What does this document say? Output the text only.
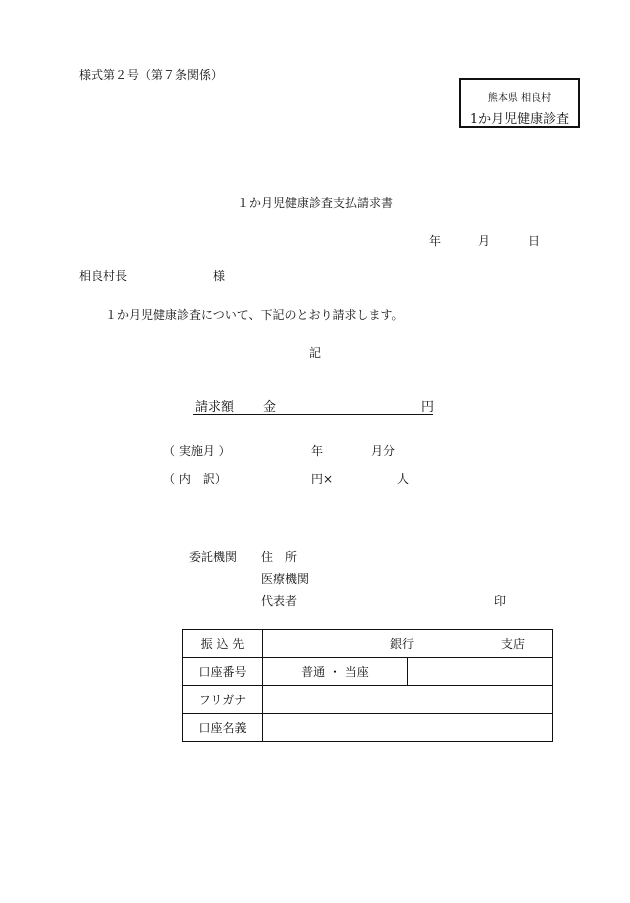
様式第２号（第７条関係）
熊本県 相良村
1か月児健康診査
１か月児健康診査支払請求書
年	月	日
相良村長	様
１か月児健康診査について、下記のとおり請求します。
記
請求額 金	円
（ 実施月 ）	年	月分
（ 内　訳）	円×	人
委託機関 住　所
医療機関
代表者	印
振 込 先	銀行 支店	

口座番号	普通 ・ 当座	
フリガナ		
口座名義		
